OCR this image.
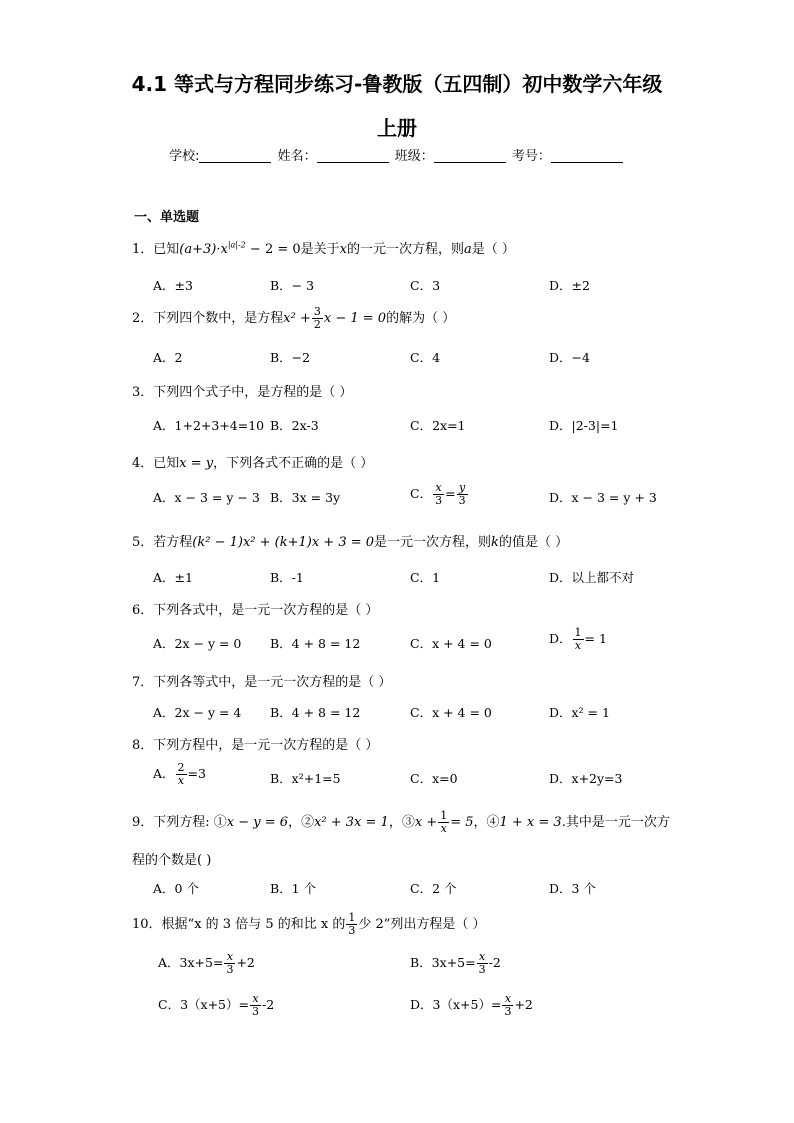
4.1 等式与方程同步练习-鲁教版（五四制）初中数学六年级
上册
学校:	姓名：	班级：	考号：
一、单选题
1．已知$(a+3)\cdot x^{|a|-2} - 2 = 0$是关于x的一元一次方程，则a是（ ）
A．±3	B．− 3	C．3	D．±2
2．下列四个数中，是方程$x^2 + \frac{3}{2}$ x − 1 = 0的解为（ ）
A．2	B．−2	C．4	D．−4
3．下列四个式子中，是方程的是（ ）
A．1+2+3+4=10 B．2x-3	C．2x=1	D．|2-3|=1
4．已知x = y，下列各式不正确的是（ ）
A．x − 3 = y − 3 B．3x = 3y	C． $\frac{x}{3} = \frac{y}{3}$	D．x − 3 = y + 3
5．若方程(k² − 1)x² + (k+1)x + 3 = 0是一元一次方程，则k的值是（ ）
A．±1	B．-1	C．1	D．以上都不对
6．下列各式中，是一元一次方程的是（ ）
A．2x − y = 0 B．4 + 8 = 12	C．x + 4 = 0	D． $\frac{1}{x} = 1$
7．下列各等式中，是一元一次方程的是（ ）
A．2x − y = 4 B．4 + 8 = 12	C．x + 4 = 0	D．x² = 1
8．下列方程中，是一元一次方程的是（ ）
A． $\frac{2}{x} =3$	B．x²+1=5	C．x=0	D．x+2y=3
9．下列方程: ①x − y = 6，②x² + 3x = 1，③x + $\frac{1}{x} = 5$，④1 + x = 3.其中是一元一次方
程的个数是( )
A．0 个	B．1 个	C．2 个	D．3 个
10．根据“x 的 3 倍与 5 的和比 x 的 $\frac{1}{3}$ 少 2”列出方程是（ ）
A．$3x+5= \frac{x}{3} +2$	B．$3x+5= \frac{x}{3} -2$
C．$3(x+5)= \frac{x}{3} -2$	D．$3(x+5)= \frac{x}{3} +2$
